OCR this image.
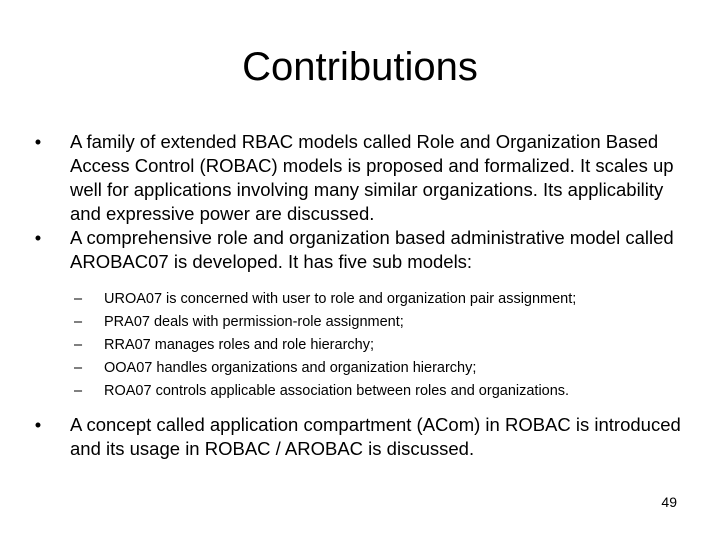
Contributions
•	A family of extended RBAC models called Role and Organization Based Access Control (ROBAC) models is proposed and formalized. It scales up well for applications involving many similar organizations. Its applicability and expressive power are discussed.
•	A comprehensive role and organization based administrative model called AROBAC07 is developed. It has five sub models:
–	UROA07 is concerned with user to role and organization pair assignment;
–	PRA07 deals with permission-role assignment;
–	RRA07 manages roles and role hierarchy;
–	OOA07 handles organizations and organization hierarchy;
–	ROA07 controls applicable association between roles and organizations.
•	A concept called application compartment (ACom) in ROBAC is introduced and its usage in ROBAC / AROBAC is discussed.
49
